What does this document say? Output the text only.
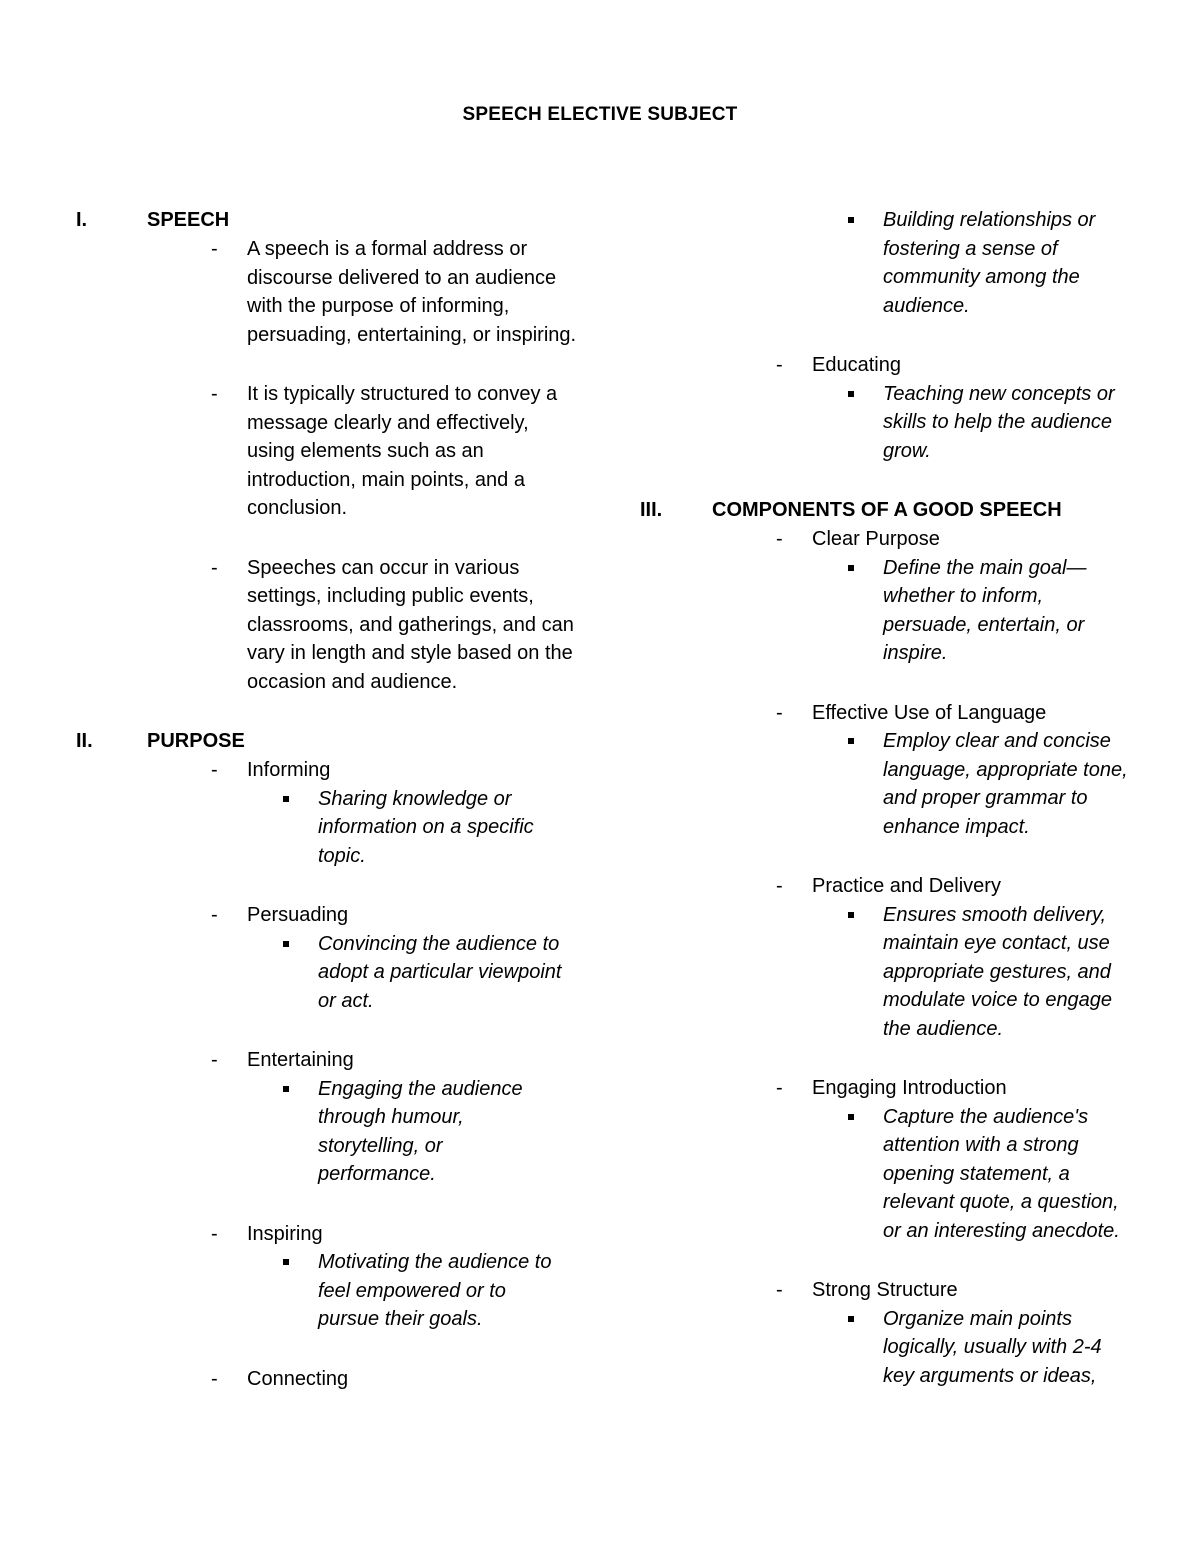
SPEECH ELECTIVE SUBJECT
I.	SPEECH
- A speech is a formal address or discourse delivered to an audience with the purpose of informing, persuading, entertaining, or inspiring.
- It is typically structured to convey a message clearly and effectively, using elements such as an introduction, main points, and a conclusion.
- Speeches can occur in various settings, including public events, classrooms, and gatherings, and can vary in length and style based on the occasion and audience.
II.	PURPOSE
- Informing
Sharing knowledge or information on a specific topic.
- Persuading
Convincing the audience to adopt a particular viewpoint or act.
- Entertaining
Engaging the audience through humour, storytelling, or performance.
- Inspiring
Motivating the audience to feel empowered or to pursue their goals.
- Connecting
Building relationships or fostering a sense of community among the audience.
- Educating
Teaching new concepts or skills to help the audience grow.
III. COMPONENTS OF A GOOD SPEECH
- Clear Purpose
Define the main goal—whether to inform, persuade, entertain, or inspire.
- Effective Use of Language
Employ clear and concise language, appropriate tone, and proper grammar to enhance impact.
- Practice and Delivery
Ensures smooth delivery, maintain eye contact, use appropriate gestures, and modulate voice to engage the audience.
- Engaging Introduction
Capture the audience's attention with a strong opening statement, a relevant quote, a question, or an interesting anecdote.
- Strong Structure
Organize main points logically, usually with 2-4 key arguments or ideas,
